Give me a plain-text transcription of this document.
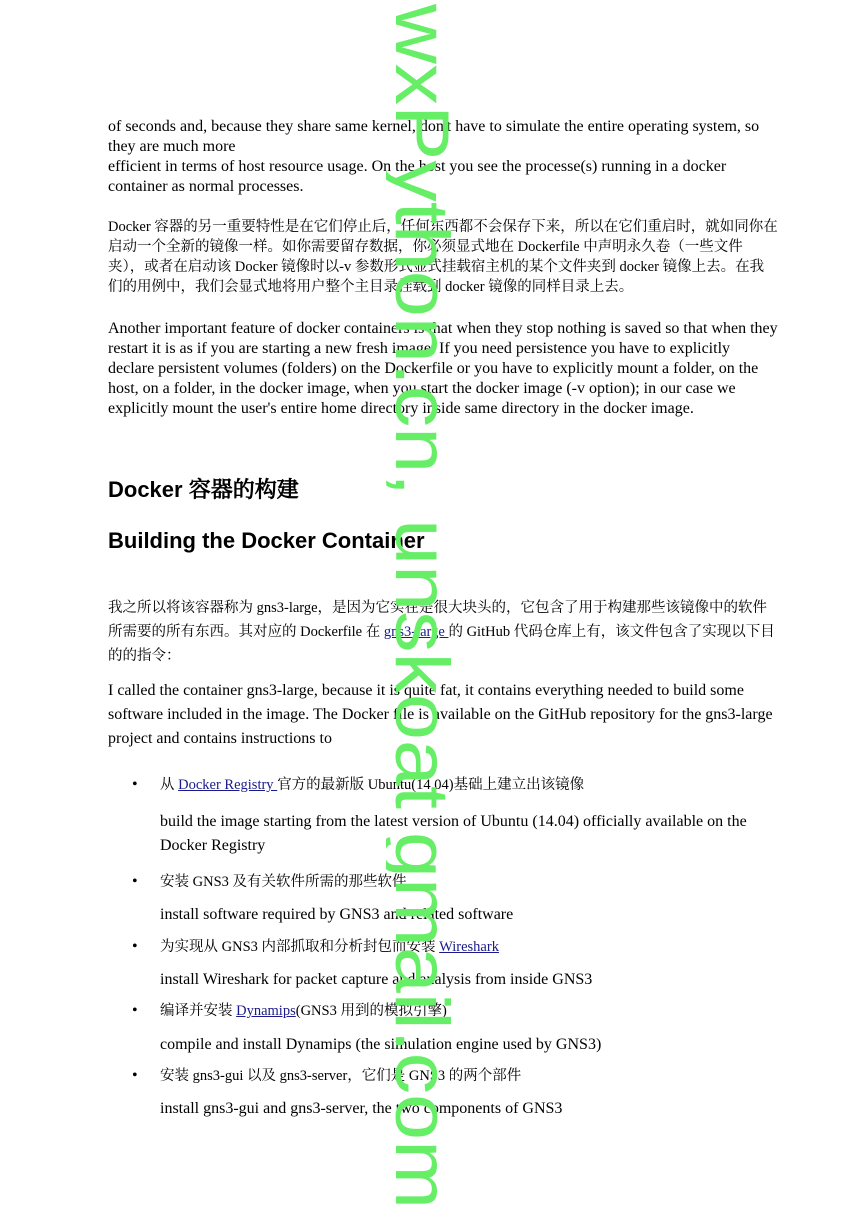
of seconds and, because they share same kernel, don't have to simulate the entire operating system, so they are much more
efficient in terms of host resource usage. On the host you see the processe(s) running in a docker container as normal processes.

Docker 容器的另一重要特性是在它们停止后，任何东西都不会保存下来，所以在它们重启时，就如同你在启动一个全新的镜像一样。如你需要留存数据，你必须显式地在 Dockerfile 中声明永久卷（一些文件夹），或者在启动该 Docker 镜像时以-v 参数形式显式挂载宿主机的某个文件夹到 docker 镜像上去。在我们的用例中，我们会显式地将用户整个主目录挂载到 docker 镜像的同样目录上去。

Another important feature of docker containers is that when they stop nothing is saved so that when they restart it is as if you are starting a new fresh image. If you need persistence you have to explicitly declare persistent volumes (folders) on the Dockerfile or you have to explicitly mount a folder, on the host, on a folder, in the docker image, when you start the docker image (-v option); in our case we explicitly mount the user's entire home directory inside same directory in the docker image.

Docker 容器的构建
Building the Docker Container

我之所以将该容器称为 gns3-large，是因为它实在是很大块头的，它包含了用于构建那些该镜像中的软件所需要的所有东西。其对应的 Dockerfile 在 gns3-large 的 GitHub 代码仓库上有，该文件包含了实现以下目的的指令：

I called the container gns3-large, because it is quite fat, it contains everything needed to build some software included in the image. The Docker file is available on the GitHub repository for the gns3-large project and contains instructions to

• 从 Docker Registry 官方的最新版 Ubuntu(14.04)基础上建立出该镜像

build the image starting from the latest version of Ubuntu (14.04) officially available on the Docker Registry

• 安装 GNS3 及有关软件所需的那些软件

install software required by GNS3 and related software

• 为实现从 GNS3 内部抓取和分析封包而安装 Wireshark

install Wireshark for packet capture and analysis from inside GNS3

• 编译并安装 Dynamips(GNS3 用到的模拟引擎)

compile and install Dynamips (the simulation engine used by GNS3)

• 安装 gns3-gui 以及 gns3-server，它们是 GNS3 的两个部件

install gns3-gui and gns3-server, the two components of GNS3

wxPython.cn, unskoat gmail.com
